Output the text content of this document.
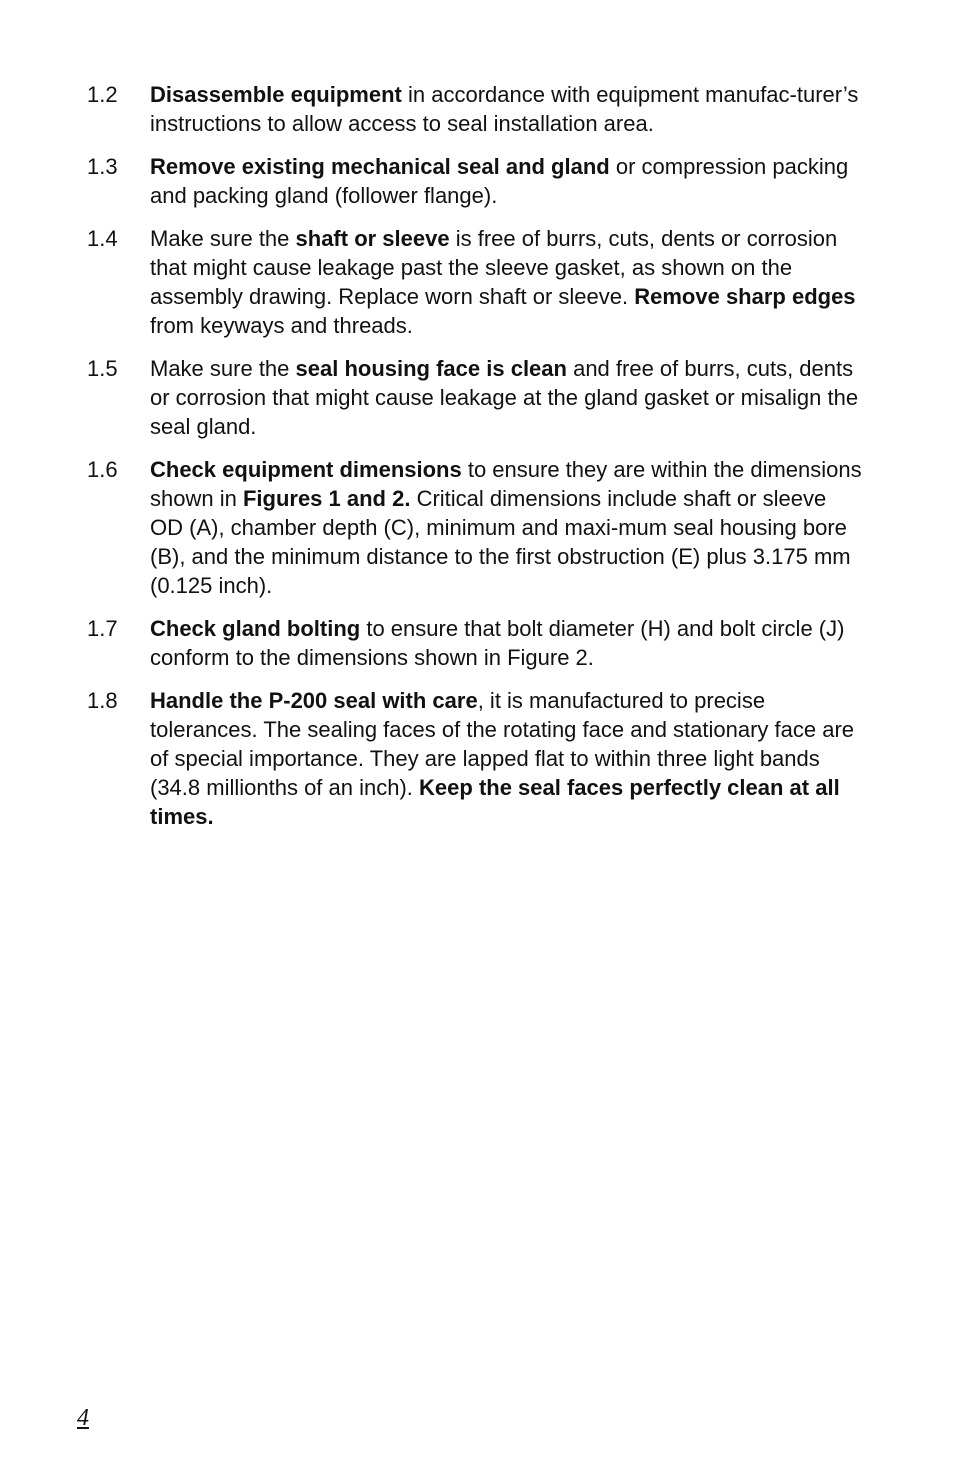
1.2 Disassemble equipment in accordance with equipment manufac-turer’s instructions to allow access to seal installation area.
1.3 Remove existing mechanical seal and gland or compression packing and packing gland (follower flange).
1.4 Make sure the shaft or sleeve is free of burrs, cuts, dents or corrosion that might cause leakage past the sleeve gasket, as shown on the assembly drawing. Replace worn shaft or sleeve. Remove sharp edges from keyways and threads.
1.5 Make sure the seal housing face is clean and free of burrs, cuts, dents or corrosion that might cause leakage at the gland gasket or misalign the seal gland.
1.6 Check equipment dimensions to ensure they are within the dimensions shown in Figures 1 and 2. Critical dimensions include shaft or sleeve OD (A), chamber depth (C), minimum and maxi-mum seal housing bore (B), and the minimum distance to the first obstruction (E) plus 3.175 mm (0.125 inch).
1.7 Check gland bolting to ensure that bolt diameter (H) and bolt circle (J) conform to the dimensions shown in Figure 2.
1.8 Handle the P-200 seal with care, it is manufactured to precise tolerances. The sealing faces of the rotating face and stationary face are of special importance. They are lapped flat to within three light bands (34.8 millionths of an inch). Keep the seal faces perfectly clean at all times.
4
